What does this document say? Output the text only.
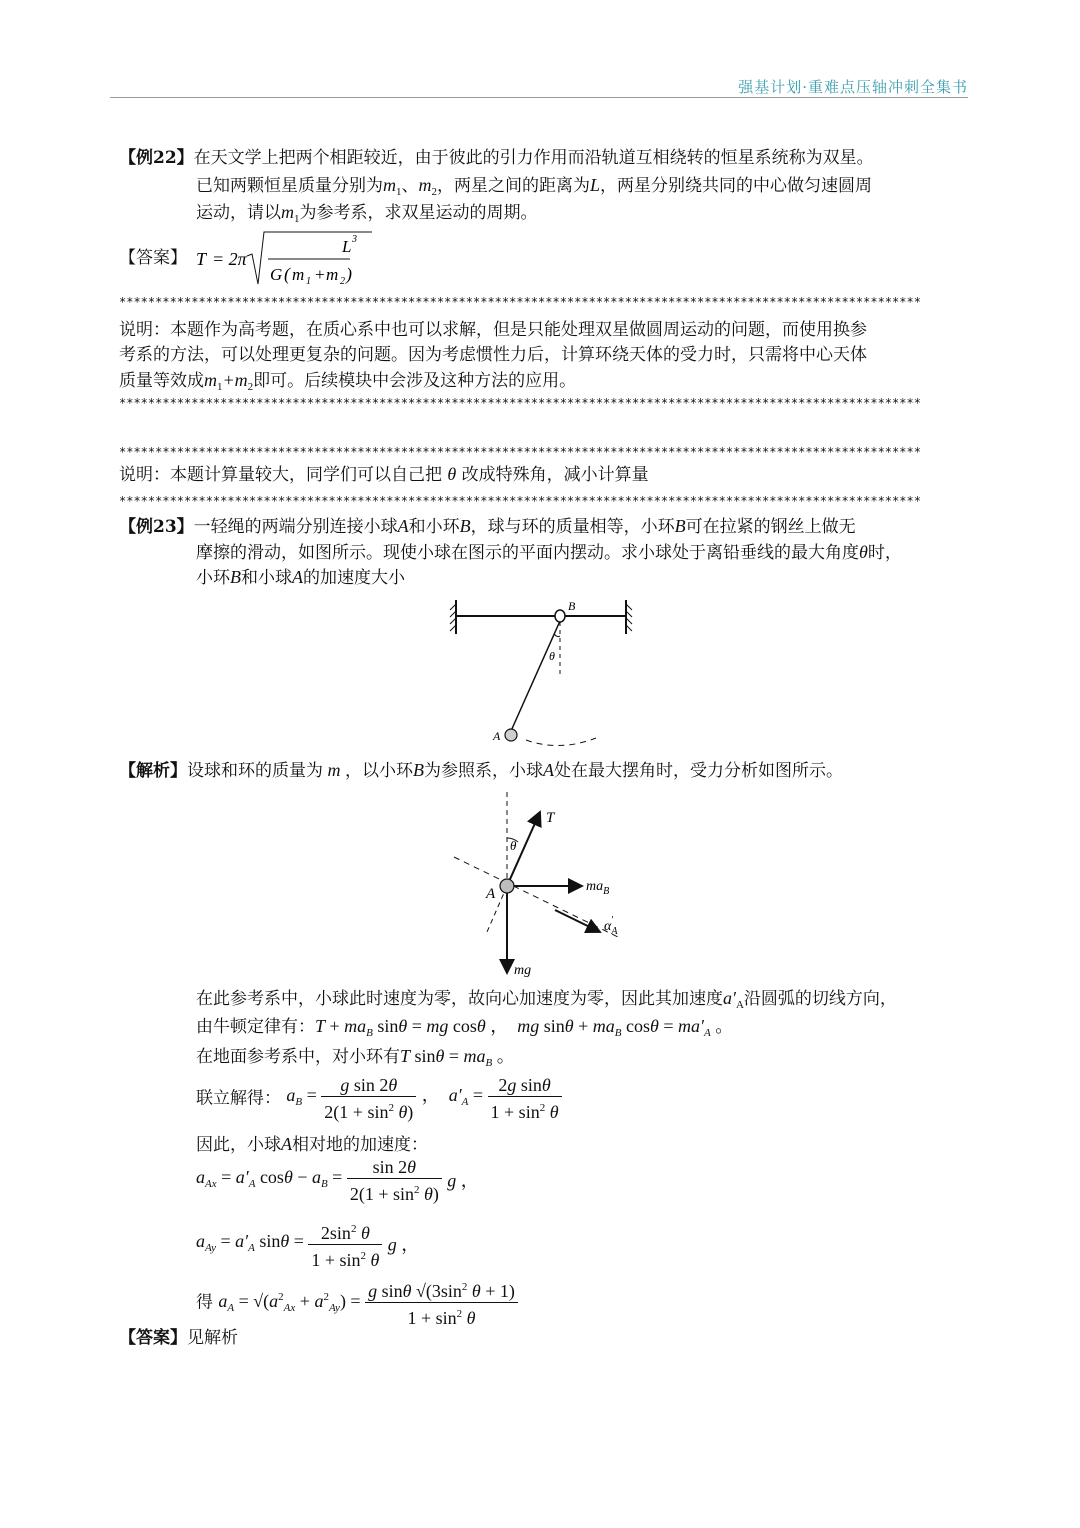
强基计划·重难点压轴冲刺全集书
【例22】在天文学上把两个相距较近，由于彼此的引力作用而沿轨道互相绕转的恒星系统称为双星。
已知两颗恒星质量分别为$m_1$、$m_2$，两星之间的距离为L，两星分别绕共同的中心做匀速圆周
运动，请以$m_1$为参考系，求双星运动的周期。
【答案】 T = 2π
L 3
G ( m 1 + m 2 )
***************************************************************************************************************
说明：本题作为高考题，在质心系中也可以求解，但是只能处理双星做圆周运动的问题，而使用换参
考系的方法，可以处理更复杂的问题。因为考虑惯性力后，计算环绕天体的受力时，只需将中心天体
质量等效成$m_1+m_2$即可。后续模块中会涉及这种方法的应用。
***************************************************************************************************************
***************************************************************************************************************
说明：本题计算量较大，同学们可以自己把 θ 改成特殊角，减小计算量
***************************************************************************************************************
【例23】一轻绳的两端分别连接小球A和小环B，球与环的质量相等，小环B可在拉紧的钢丝上做无
摩擦的滑动，如图所示。现使小球在图示的平面内摆动。求小球处于离铅垂线的最大角度θ时，
小环B和小球A的加速度大小
B
θ
A
【解析】设球和环的质量为 m ，以小环B为参照系，小球A处在最大摆角时，受力分析如图所示。
T
θ
$ma_B$
A
$\alpha_A'$
mg
在此参考系中，小球此时速度为零，故向心加速度为零，因此其加速度$a'_A$沿圆弧的切线方向，
由牛顿定律有：$T + ma_B$ sinθ = mg cosθ ，  mg $\sin\theta + ma_B$ $\cos\theta = ma'_A$ 。
在地面参考系中，对小环有T $\sin\theta = ma_B$ 。
联立解得： $a_B = \frac{\text{g sin 2θ}}{2(1 + \sin^2 \theta)}$ ，  $a'_A = \frac{\text{2g sinθ}}{1 + \sin^2 \theta}$
因此，小球A相对地的加速度：
$a_{Ax} = a'_A$ $\cos\theta - a_B = \frac{\sin 2\theta}{2(1 + \sin^2 \theta)}$ g ，
$a_{Ay} = a'_A$ $\sin\theta = \frac{2\sin^2 \theta}{1 + \sin^2 \theta}$ g ，
得 $a_A = √(a^2_{Ax} + a^2_{Ay}) = \frac{g \sin\theta √(3\sin^2 \theta + 1)}{1 + \sin^2 \theta}$
【答案】见解析
